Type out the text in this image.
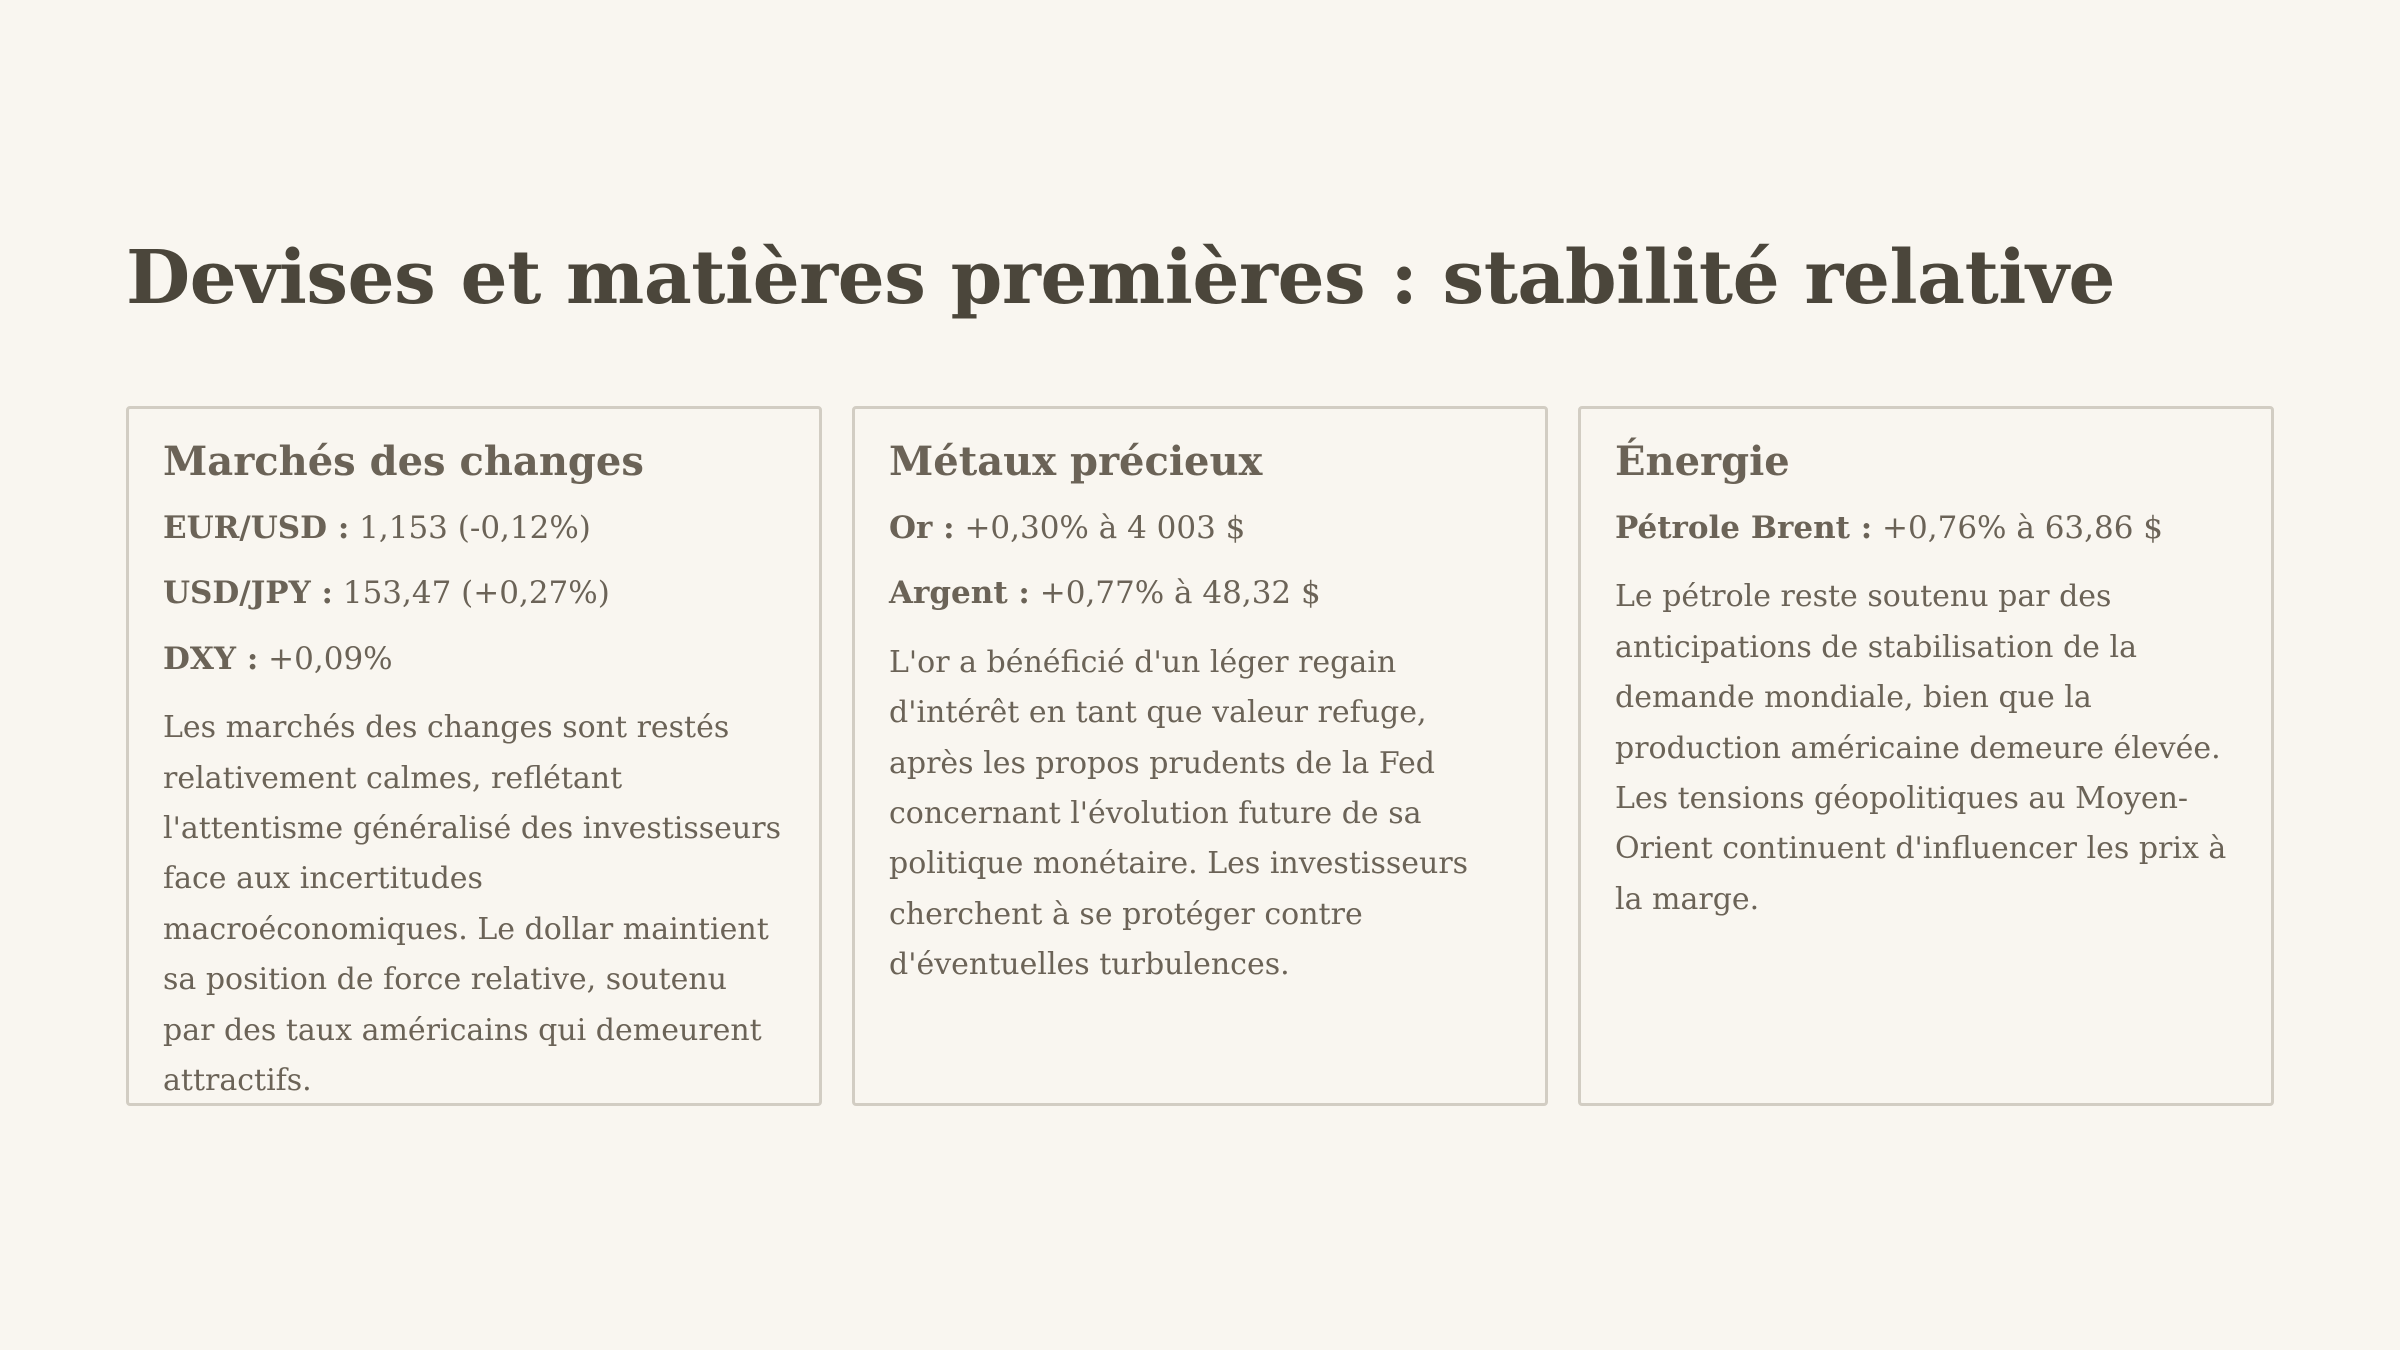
Devises et matières premières : stabilité relative
Marchés des changes

EUR/USD : 1,153 (-0,12%)

USD/JPY : 153,47 (+0,27%)

DXY : +0,09%

Les marchés des changes sont restés relativement calmes, reflétant l'attentisme généralisé des investisseurs face aux incertitudes macroéconomiques. Le dollar maintient sa position de force relative, soutenu par des taux américains qui demeurent attractifs.

Métaux précieux

Or : +0,30% à 4 003 $

Argent : +0,77% à 48,32 $

L'or a bénéficié d'un léger regain d'intérêt en tant que valeur refuge, après les propos prudents de la Fed concernant l'évolution future de sa politique monétaire. Les investisseurs cherchent à se protéger contre d'éventuelles turbulences.

Énergie

Pétrole Brent : +0,76% à 63,86 $

Le pétrole reste soutenu par des anticipations de stabilisation de la demande mondiale, bien que la production américaine demeure élevée. Les tensions géopolitiques au Moyen-Orient continuent d'influencer les prix à la marge.
